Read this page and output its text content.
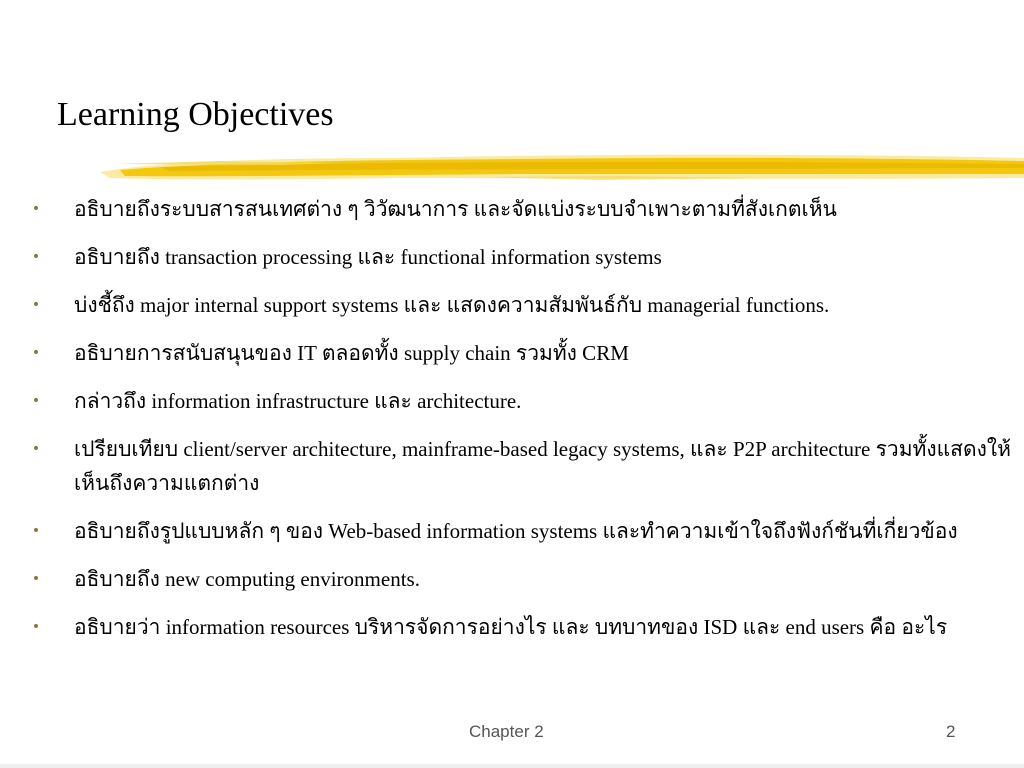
Learning Objectives
• อธิบายถึงระบบสารสนเทศต่าง ๆ วิวัฒนาการ และจัดแบ่งระบบจำเพาะตามที่สังเกตเห็น
• อธิบายถึง transaction processing และ functional information systems
• บ่งชี้ถึง major internal support systems และ แสดงความสัมพันธ์กับ managerial functions.
• อธิบายการสนับสนุนของ IT ตลอดทั้ง supply chain รวมทั้ง CRM
• กล่าวถึง information infrastructure และ architecture.
• เปรียบเทียบ client/server architecture, mainframe-based legacy systems, และ P2P architecture รวมทั้งแสดงให้เห็นถึงความแตกต่าง
• อธิบายถึงรูปแบบหลัก ๆ ของ Web-based information systems และทำความเข้าใจถึงฟังก์ชันที่เกี่ยวข้อง
• อธิบายถึง new computing environments.
• อธิบายว่า information resources บริหารจัดการอย่างไร และ บทบาทของ ISD และ end users คือ อะไร
Chapter 2	2
